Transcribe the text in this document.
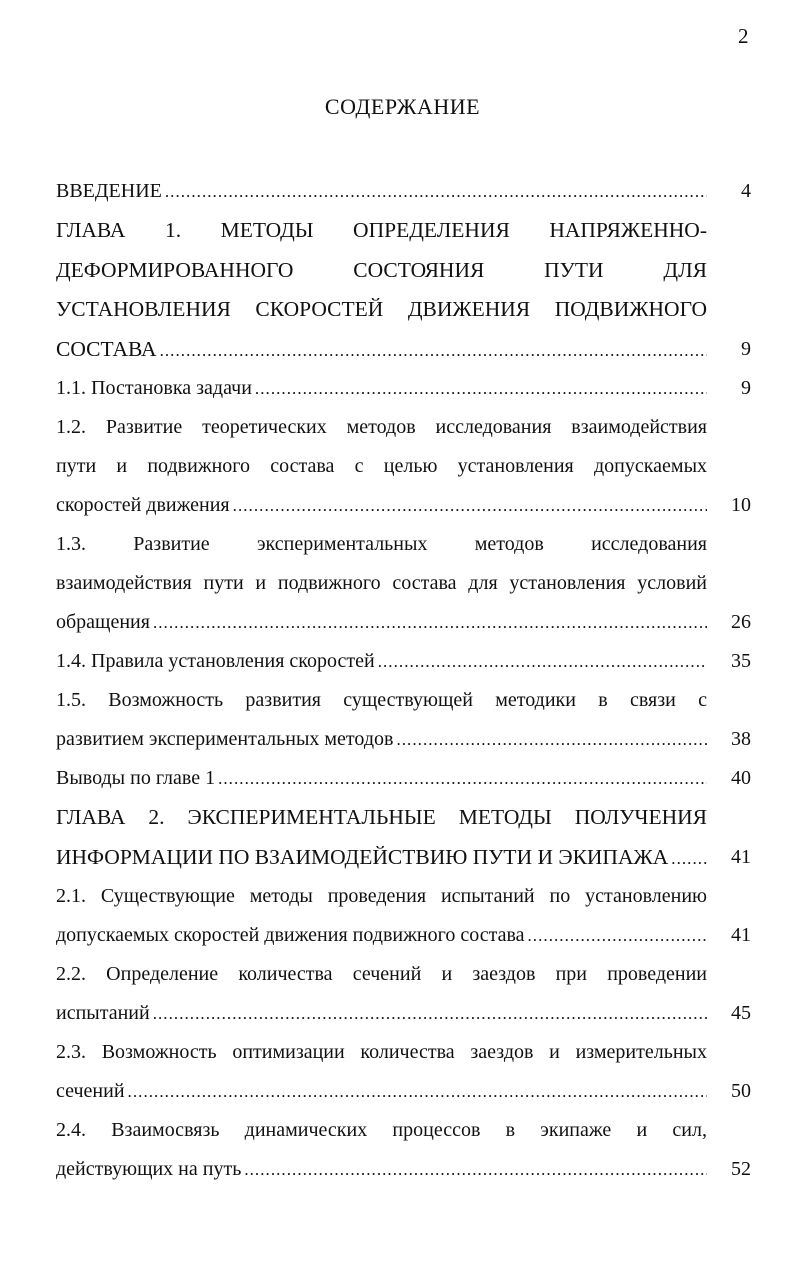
2
СОДЕРЖАНИЕ
ВВЕДЕНИЕ . . .	4
ГЛАВА 1. МЕТОДЫ ОПРЕДЕЛЕНИЯ НАПРЯЖЕННО-
ДЕФОРМИРОВАННОГО СОСТОЯНИЯ ПУТИ ДЛЯ
УСТАНОВЛЕНИЯ СКОРОСТЕЙ ДВИЖЕНИЯ ПОДВИЖНОГО
СОСТАВА . . .	9
1.1. Постановка задачи . . .	9
1.2. Развитие теоретических методов исследования взаимодействия
пути и подвижного состава с целью установления допускаемых
скоростей движения . . .	10
1.3. Развитие экспериментальных методов исследования
взаимодействия пути и подвижного состава для установления условий
обращения . . .	26
1.4. Правила установления скоростей . . .	35
1.5. Возможность развития существующей методики в связи с
развитием экспериментальных методов . . .	38
Выводы по главе 1 . . .	40
ГЛАВА 2. ЭКСПЕРИМЕНТАЛЬНЫЕ МЕТОДЫ ПОЛУЧЕНИЯ
ИНФОРМАЦИИ ПО ВЗАИМОДЕЙСТВИЮ ПУТИ И ЭКИПАЖА . . .	41
2.1. Существующие методы проведения испытаний по установлению
допускаемых скоростей движения подвижного состава . . .	41
2.2. Определение количества сечений и заездов при проведении
испытаний . . .	45
2.3. Возможность оптимизации количества заездов и измерительных
сечений . . .	50
2.4. Взаимосвязь динамических процессов в экипаже и сил,
действующих на путь . . .	52
